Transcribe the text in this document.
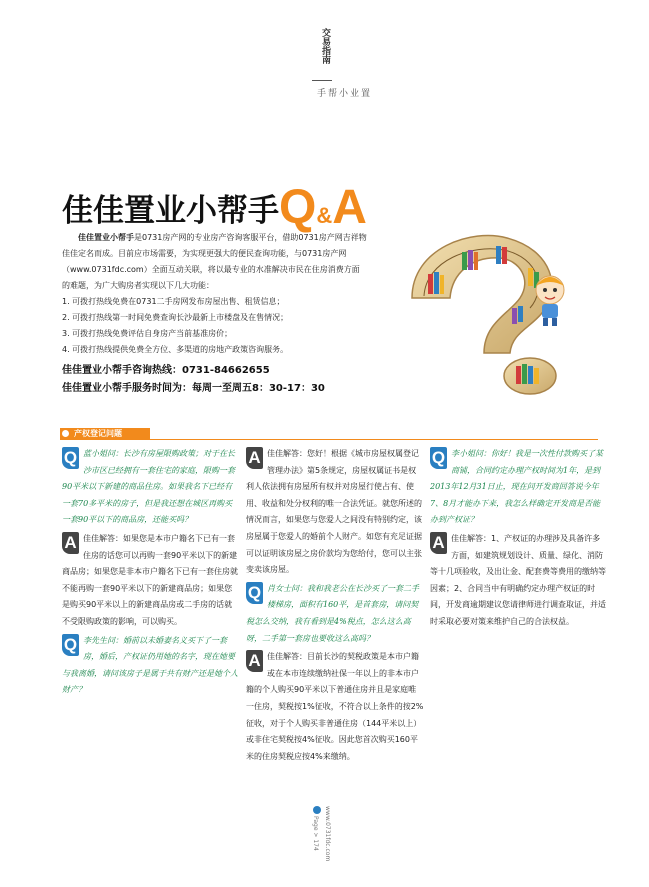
交易指南
置业小帮手
佳佳置业小帮手Q&A

佳佳置业小帮手是0731房产网的专业房产咨询客服平台，借助0731房产网吉祥物佳佳定名而成。目前应市场需要，为实现更强大的便民查询功能，与0731房产网（www.0731fdc.com）全面互动关联，将以最专业的水准解决市民在住房消费方面的难题，为广大购房者实现以下几大功能：

1. 可拨打热线免费在0731二手房网发布房屋出售、租赁信息；

2. 可拨打热线第一时间免费查询长沙最新上市楼盘及在售情况；

3. 可拨打热线免费评估自身房产当前基准房价；

4. 可拨打热线提供免费全方位、多渠道的房地产政策咨询服务。

佳佳置业小帮手咨询热线：0731-84662655
佳佳置业小帮手服务时间为：每周一至周五8：30-17：30
产权登记问题
Q 蓝小姐问：长沙有房屋限购政策；对于在长沙市区已经拥有一套住宅的家庭，限购一套90平米以下新建的商品住房。如果我名下已经有一套70多平米的房子，但是我还想在城区再购买一套90平以下的商品房，还能买吗？
A 佳佳解答：如果您是本市户籍名下已有一套住房的话您可以再购一套90平米以下的新建商品房；如果您是非本市户籍名下已有一套住房就不能再购一套90平米以下的新建商品房；如果您是购买90平米以上的新建商品房或二手房的话就不受限购政策的影响，可以购买。
Q 李先生问：婚前以未婚妻名义买下了一套房，婚后，产权证仍用她的名字，现在她要与我离婚，请问该房子是属于共有财产还是她个人财产？
A 佳佳解答：您好！根据《城市房屋权属登记管理办法》第5条规定，房屋权属证书是权利人依法拥有房屋所有权并对房屋行使占有、使用、收益和处分权利的唯一合法凭证。就您所述的情况而言，如果您与您爱人之间没有特别约定，该房屋属于您爱人的婚前个人财产。如您有充足证据可以证明该房屋之房价款均为您给付，您可以主张变卖该房屋。
Q 肖女士问：我和我老公在长沙买了一套二手楼梯房，面积有160平，是首套房，请问契税怎么交纳，我有看到是4%税点，怎么这么高呀，二手第一套房也要收这么高吗？
A 佳佳解答：目前长沙的契税政策是本市户籍或在本市连续缴纳社保一年以上的非本市户籍的个人购买90平米以下普通住房并且是家庭唯一住房，契税按1%征收，不符合以上条件的按2%征收，对于个人购买非普通住房（144平米以上）或非住宅契税按4%征收。因此您首次购买160平米的住房契税应按4%来缴纳。
Q 李小姐问：你好！我是一次性付款购买了某商铺，合同约定办理产权时间为1年，是到2013年12月31日止，现在问开发商回答说今年7、8月才能办下来，我怎么样确定开发商是否能办到产权证？
A 佳佳解答：1、产权证的办理涉及具备许多方面，如建筑规划设计、质量、绿化、消防等十几项验收，及出让金、配套费等费用的缴纳等因素；2、合同当中有明确约定办理产权证的时间，开发商逾期建议您请律师进行调查取证，并适时采取必要对策来维护自己的合法权益。
Page > 174 www.0731fdc.com
